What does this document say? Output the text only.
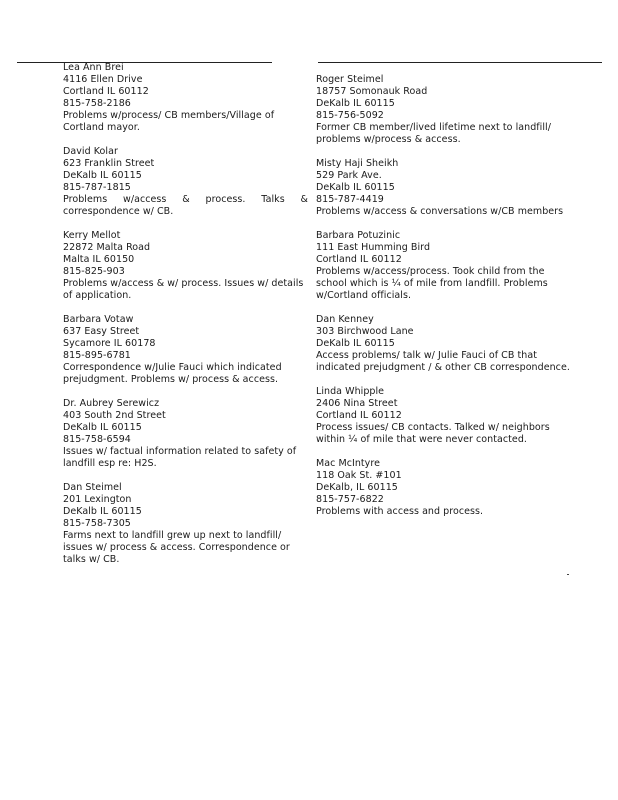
Lea Ann Brei
4116 Ellen Drive
Cortland IL 60112
815-758-2186
Problems w/process/ CB members/Village of Cortland mayor.
David Kolar
623 Franklin Street
DeKalb IL 60115
815-787-1815
Problems w/access & process. Talks & correspondence w/ CB.
Kerry Mellot
22872 Malta Road
Malta IL 60150
815-825-903
Problems w/access & w/ process. Issues w/ details of application.
Barbara Votaw
637 Easy Street
Sycamore IL 60178
815-895-6781
Correspondence w/Julie Fauci which indicated prejudgment. Problems w/ process & access.
Dr. Aubrey Serewicz
403 South 2nd Street
DeKalb IL 60115
815-758-6594
Issues w/ factual information related to safety of landfill esp re: H2S.
Dan Steimel
201 Lexington
DeKalb IL 60115
815-758-7305
Farms next to landfill grew up next to landfill/ issues w/ process & access. Correspondence or talks w/ CB.
Roger Steimel
18757 Somonauk Road
DeKalb IL 60115
815-756-5092
Former CB member/lived lifetime next to landfill/ problems w/process & access.
Misty Haji Sheikh
529 Park Ave.
DeKalb IL 60115
815-787-4419
Problems w/access & conversations w/CB members
Barbara Potuzinic
111 East Humming Bird
Cortland IL 60112
Problems w/access/process. Took child from the school which is ¼ of mile from landfill. Problems w/Cortland officials.
Dan Kenney
303 Birchwood Lane
DeKalb IL 60115
Access problems/ talk w/ Julie Fauci of CB that indicated prejudgment / & other CB correspondence.
Linda Whipple
2406 Nina Street
Cortland IL 60112
Process issues/ CB contacts. Talked w/ neighbors within ¼ of mile that were never contacted.
Mac McIntyre
118 Oak St. #101
DeKalb, IL 60115
815-757-6822
Problems with access and process.
